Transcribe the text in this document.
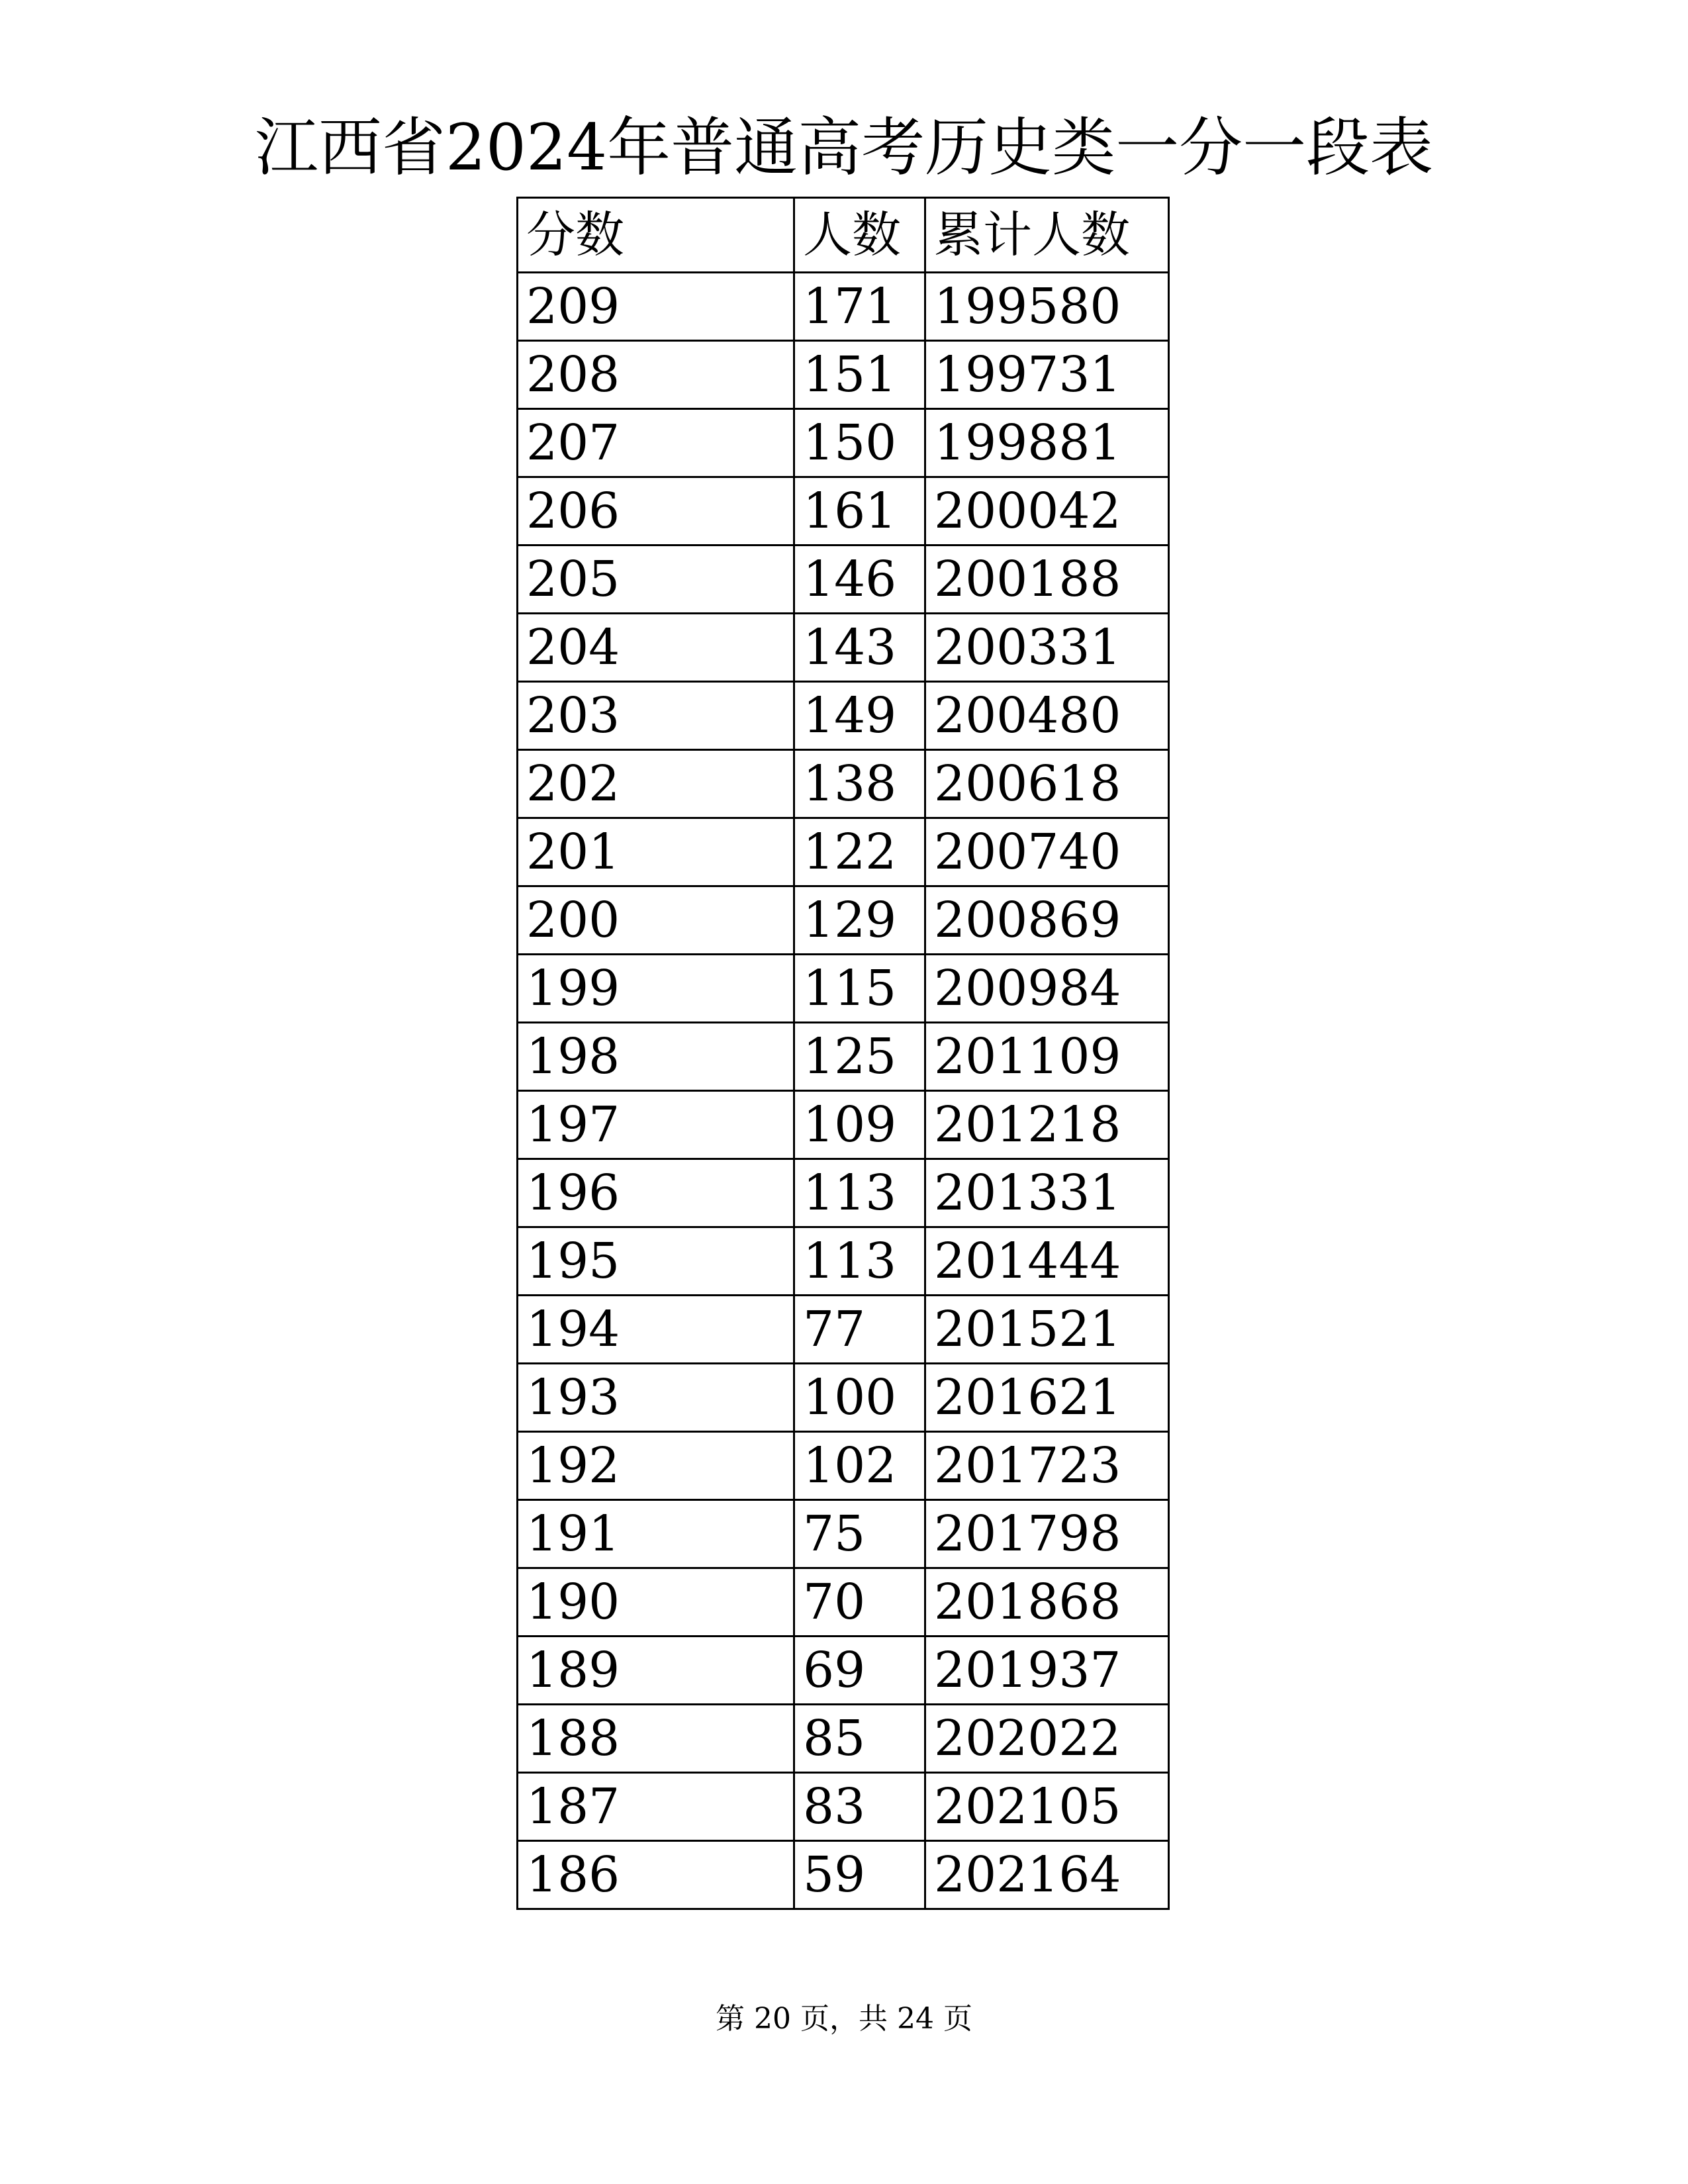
江西省2024年普通高考历史类一分一段表
分数	人数	累计人数
209	171	199580
208	151	199731
207	150	199881
206	161	200042
205	146	200188
204	143	200331
203	149	200480
202	138	200618
201	122	200740
200	129	200869
199	115	200984
198	125	201109
197	109	201218
196	113	201331
195	113	201444
194	77	201521
193	100	201621
192	102	201723
191	75	201798
190	70	201868
189	69	201937
188	85	202022
187	83	202105
186	59	202164
第 20 页，共 24 页
